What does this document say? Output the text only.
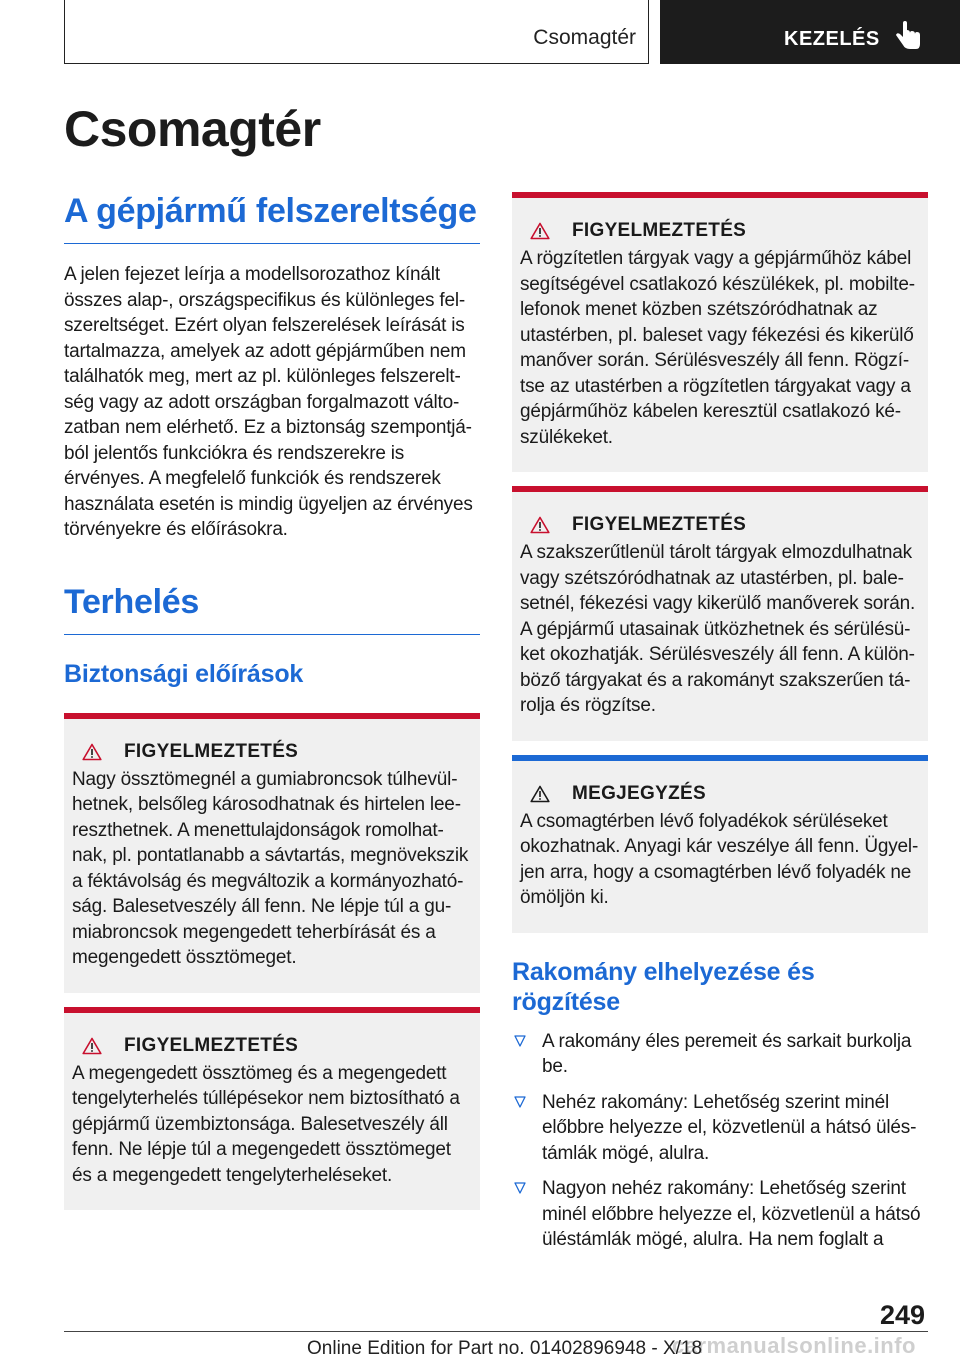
Csomagtér	KEZELÉS
Csomagtér
A gépjármű felszereltsége

A jelen fejezet leírja a modellsorozathoz kínált összes alap-, országspecifikus és különleges felszereltséget. Ezért olyan felszerelések leírását is tartalmazza, amelyek az adott gépjárműben nem találhatók meg, mert az pl. különleges felszereltség vagy az adott országban forgalmazott változatban nem elérhető. Ez a biztonság szempontjából jelentős funkciókra és rendszerekre is érvényes. A megfelelő funkciók és rendszerek használata esetén is mindig ügyeljen az érvényes törvényekre és előírásokra.

Terhelés
Biztonsági előírások
FIGYELMEZTETÉS

Nagy össztömegnél a gumiabroncsok túlhevülhetnek, belsőleg károsodhatnak és hirtelen leereszthetnek. A menettulajdonságok romolhatnak, pl. pontatlanabb a sávtartás, megnövekszik a féktávolság és megváltozik a kormányozhatóság. Balesetveszély áll fenn. Ne lépje túl a gumiabroncsok megengedett teherbírását és a megengedett össztömeget.

FIGYELMEZTETÉS

A megengedett össztömeg és a megengedett tengelyterhelés túllépésekor nem biztosítható a gépjármű üzembiztonsága. Balesetveszély áll fenn. Ne lépje túl a megengedett össztömeget és a megengedett tengelyterheléseket.

FIGYELMEZTETÉS

A rögzítetlen tárgyak vagy a gépjárműhöz kábel segítségével csatlakozó készülékek, pl. mobiltelefonok menet közben szétszóródhatnak az utastérben, pl. baleset vagy fékezési és kikerülő manőver során. Sérülésveszély áll fenn. Rögzítse az utastérben a rögzítetlen tárgyakat vagy a gépjárműhöz kábelen keresztül csatlakozó készülékeket.

FIGYELMEZTETÉS

A szakszerűtlenül tárolt tárgyak elmozdulhatnak vagy szétszóródhatnak az utastérben, pl. balesetnél, fékezési vagy kikerülő manőverek során. A gépjármű utasainak ütközhetnek és sérülésüket okozhatják. Sérülésveszély áll fenn. A különböző tárgyakat és a rakományt szakszerűen tárolja és rögzítse.

MEGJEGYZÉS

A csomagtérben lévő folyadékok sérüléseket okozhatnak. Anyagi kár veszélye áll fenn. Ügyeljen arra, hogy a csomagtérben lévő folyadék ne ömöljön ki.

Rakomány elhelyezése és rögzítése
A rakomány éles peremeit és sarkait burkolja be.
Nehéz rakomány: Lehetőség szerint minél előbbre helyezze el, közvetlenül a hátsó üléstámlák mögé, alulra.
Nagyon nehéz rakomány: Lehetőség szerint minél előbbre helyezze el, közvetlenül a hátsó üléstámlák mögé, alulra. Ha nem foglalt a
249
carmanualsonline.info
Online Edition for Part no. 01402896948 - X/18
